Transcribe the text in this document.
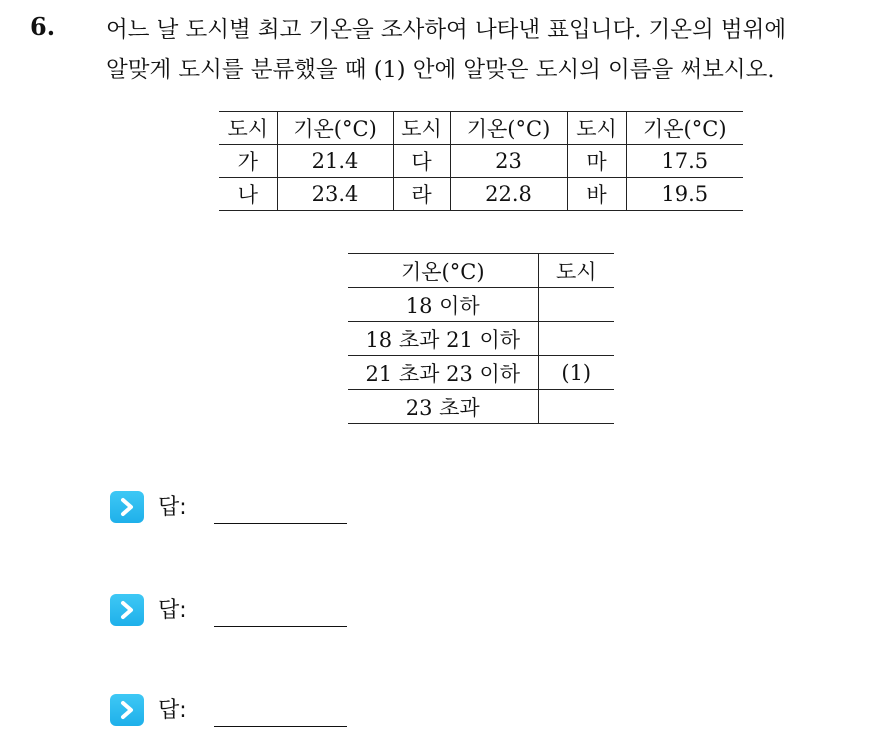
6. 어느 날 도시별 최고 기온을 조사하여 나타낸 표입니다. 기온의 범위에
알맞게 도시를 분류했을 때 (1) 안에 알맞은 도시의 이름을 써보시오.
도시	기온(°C)	도시	기온(°C)	도시	기온(°C)
가	21.4	다	23	마	17.5
나	23.4	라	22.8	바	19.5
기온(°C)	도시
18 이하	
18 초과 21 이하	
21 초과 23 이하	(1)
23 초과	
답:
답:
답:
